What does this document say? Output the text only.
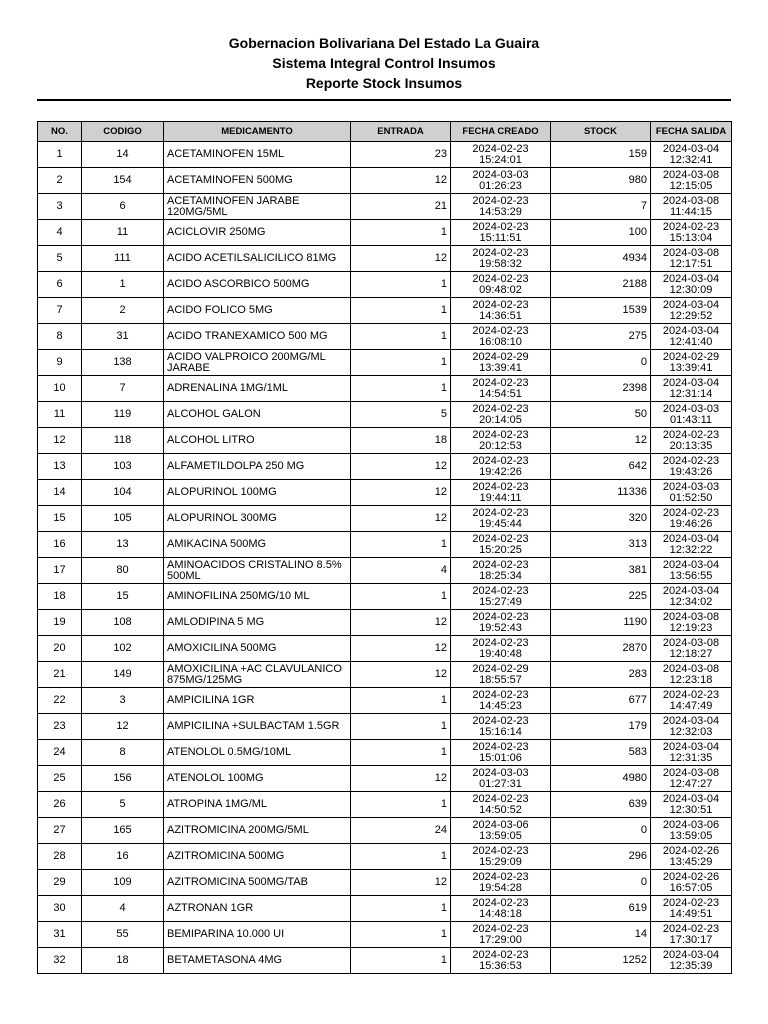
Gobernacion Bolivariana Del Estado La Guaira
Sistema Integral Control Insumos
Reporte Stock Insumos
NO.	CODIGO	MEDICAMENTO	ENTRADA	FECHA CREADO	STOCK	FECHA SALIDA
1	14	ACETAMINOFEN 15ML	23	2024-02-23 15:24:01	159	2024-03-04 12:32:41
2	154	ACETAMINOFEN 500MG	12	2024-03-03 01:26:23	980	2024-03-08 12:15:05
3	6	ACETAMINOFEN JARABE 120MG/5ML	21	2024-02-23 14:53:29	7	2024-03-08 11:44:15
4	11	ACICLOVIR 250MG	1	2024-02-23 15:11:51	100	2024-02-23 15:13:04
5	111	ACIDO ACETILSALICILICO 81MG	12	2024-02-23 19:58:32	4934	2024-03-08 12:17:51
6	1	ACIDO ASCORBICO 500MG	1	2024-02-23 09:48:02	2188	2024-03-04 12:30:09
7	2	ACIDO FOLICO 5MG	1	2024-02-23 14:36:51	1539	2024-03-04 12:29:52
8	31	ACIDO TRANEXAMICO 500 MG	1	2024-02-23 16:08:10	275	2024-03-04 12:41:40
9	138	ACIDO VALPROICO 200MG/ML JARABE	1	2024-02-29 13:39:41	0	2024-02-29 13:39:41
10	7	ADRENALINA 1MG/1ML	1	2024-02-23 14:54:51	2398	2024-03-04 12:31:14
11	119	ALCOHOL GALON	5	2024-02-23 20:14:05	50	2024-03-03 01:43:11
12	118	ALCOHOL LITRO	18	2024-02-23 20:12:53	12	2024-02-23 20:13:35
13	103	ALFAMETILDOLPA 250 MG	12	2024-02-23 19:42:26	642	2024-02-23 19:43:26
14	104	ALOPURINOL 100MG	12	2024-02-23 19:44:11	11336	2024-03-03 01:52:50
15	105	ALOPURINOL 300MG	12	2024-02-23 19:45:44	320	2024-02-23 19:46:26
16	13	AMIKACINA 500MG	1	2024-02-23 15:20:25	313	2024-03-04 12:32:22
17	80	AMINOACIDOS CRISTALINO 8.5% 500ML	4	2024-02-23 18:25:34	381	2024-03-04 13:56:55
18	15	AMINOFILINA 250MG/10 ML	1	2024-02-23 15:27:49	225	2024-03-04 12:34:02
19	108	AMLODIPINA 5 MG	12	2024-02-23 19:52:43	1190	2024-03-08 12:19:23
20	102	AMOXICILINA 500MG	12	2024-02-23 19:40:48	2870	2024-03-08 12:18:27
21	149	AMOXICILINA +AC CLAVULANICO 875MG/125MG	12	2024-02-29 18:55:57	283	2024-03-08 12:23:18
22	3	AMPICILINA 1GR	1	2024-02-23 14:45:23	677	2024-02-23 14:47:49
23	12	AMPICILINA +SULBACTAM 1.5GR	1	2024-02-23 15:16:14	179	2024-03-04 12:32:03
24	8	ATENOLOL 0.5MG/10ML	1	2024-02-23 15:01:06	583	2024-03-04 12:31:35
25	156	ATENOLOL 100MG	12	2024-03-03 01:27:31	4980	2024-03-08 12:47:27
26	5	ATROPINA 1MG/ML	1	2024-02-23 14:50:52	639	2024-03-04 12:30:51
27	165	AZITROMICINA 200MG/5ML	24	2024-03-06 13:59:05	0	2024-03-06 13:59:05
28	16	AZITROMICINA 500MG	1	2024-02-23 15:29:09	296	2024-02-26 13:45:29
29	109	AZITROMICINA 500MG/TAB	12	2024-02-23 19:54:28	0	2024-02-26 16:57:05
30	4	AZTRONAN 1GR	1	2024-02-23 14:48:18	619	2024-02-23 14:49:51
31	55	BEMIPARINA 10.000 UI	1	2024-02-23 17:29:00	14	2024-02-23 17:30:17
32	18	BETAMETASONA 4MG	1	2024-02-23 15:36:53	1252	2024-03-04 12:35:39
